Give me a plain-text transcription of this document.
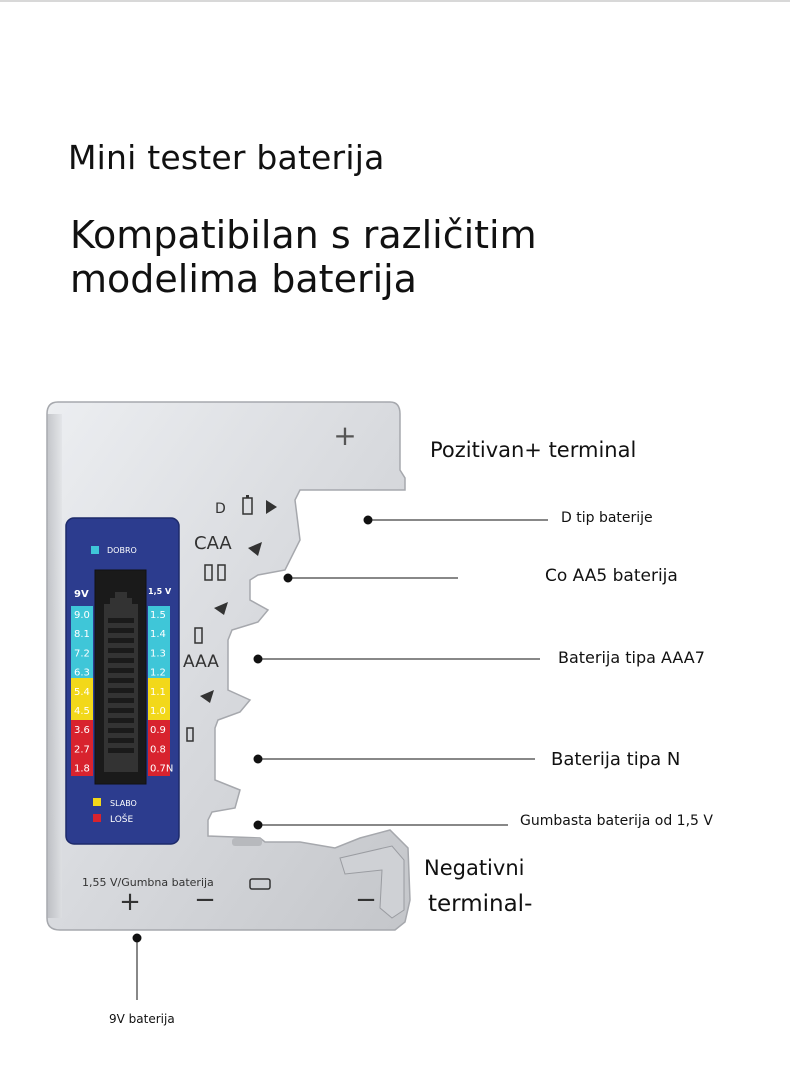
Mini tester baterija
Kompatibilan s različitim
modelima baterija
+
D
CAA
AAA
1,55 V/Gumbna baterija
+ −	−
DOBRO
9V	1,5 V
9.0
8.1
7.2
6.3
5.4
4.5
3.6
2.7
1.8
1.5
1.4
1.3
1.2
1.1
1.0
0.9
0.8
0.7N
SLABO
LOŠE
Pozitivan+ terminal
D tip baterije
Co AA5 baterija
Baterija tipa AAA7
Baterija tipa N
Gumbasta baterija od 1,5 V
Negativni
terminal-
9V baterija
